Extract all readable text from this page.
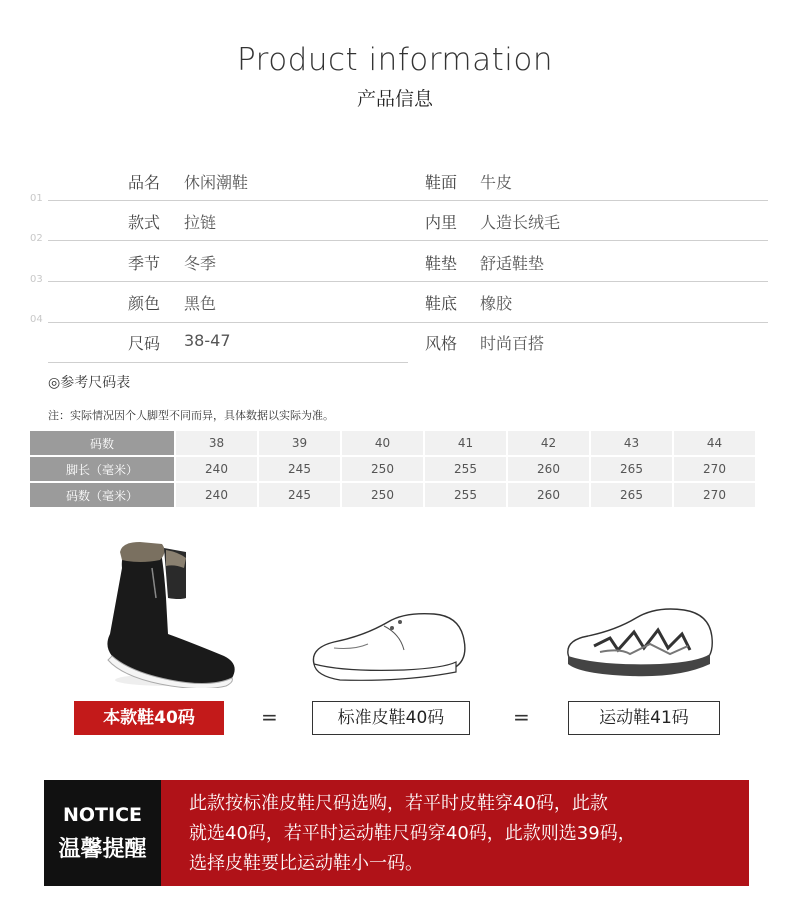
Product information
产品信息
品名 休闲潮鞋	鞋面 牛皮
01
款式 拉链	内里 人造长绒毛
02
季节 冬季	鞋垫 舒适鞋垫
03
颜色 黑色	鞋底 橡胶
04
尺码 38-47	风格 时尚百搭
◎参考尺码表
注：实际情况因个人脚型不同而异，具体数据以实际为准。
码数	38	39	40	41	42	43	44
脚长（毫米）	240	245	250	255	260	265	270
码数（毫米）	240	245	250	255	260	265	270
本款鞋40码	=	标准皮鞋40码	=	运动鞋41码
NOTICE
温馨提醒
此款按标准皮鞋尺码选购，若平时皮鞋穿40码，此款
就选40码，若平时运动鞋尺码穿40码，此款则选39码，
选择皮鞋要比运动鞋小一码。
